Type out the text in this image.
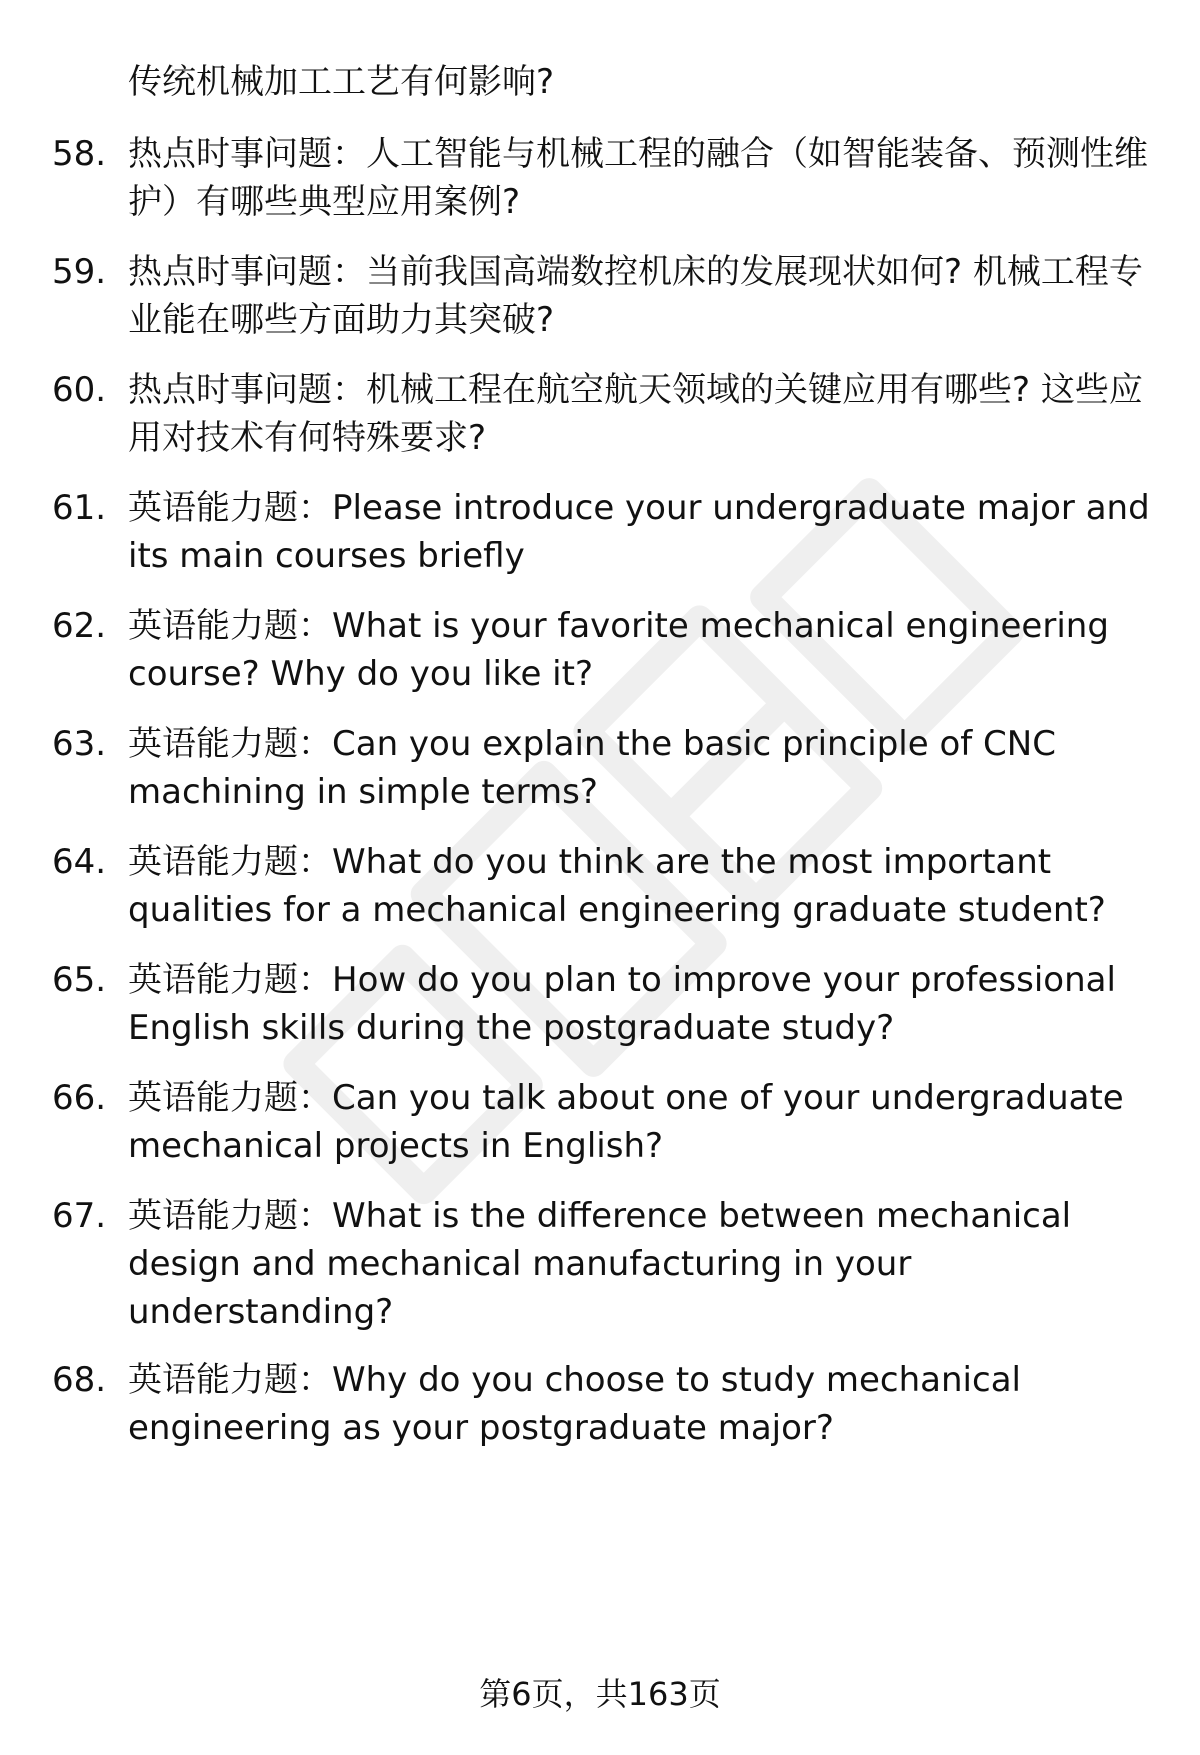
传统机械加工工艺有何影响?
58. 热点时事问题：人工智能与机械工程的融合（如智能装备、预测性维护）有哪些典型应用案例?
59. 热点时事问题：当前我国高端数控机床的发展现状如何? 机械工程专业能在哪些方面助力其突破?
60. 热点时事问题：机械工程在航空航天领域的关键应用有哪些? 这些应用对技术有何特殊要求?
61. 英语能力题：Please introduce your undergraduate major and its main courses briefly
62. 英语能力题：What is your favorite mechanical engineering course? Why do you like it?
63. 英语能力题：Can you explain the basic principle of CNC machining in simple terms?
64. 英语能力题：What do you think are the most important qualities for a mechanical engineering graduate student?
65. 英语能力题：How do you plan to improve your professional English skills during the postgraduate study?
66. 英语能力题：Can you talk about one of your undergraduate mechanical projects in English?
67. 英语能力题：What is the difference between mechanical design and mechanical manufacturing in your understanding?
68. 英语能力题：Why do you choose to study mechanical engineering as your postgraduate major?
第6页，共163页
